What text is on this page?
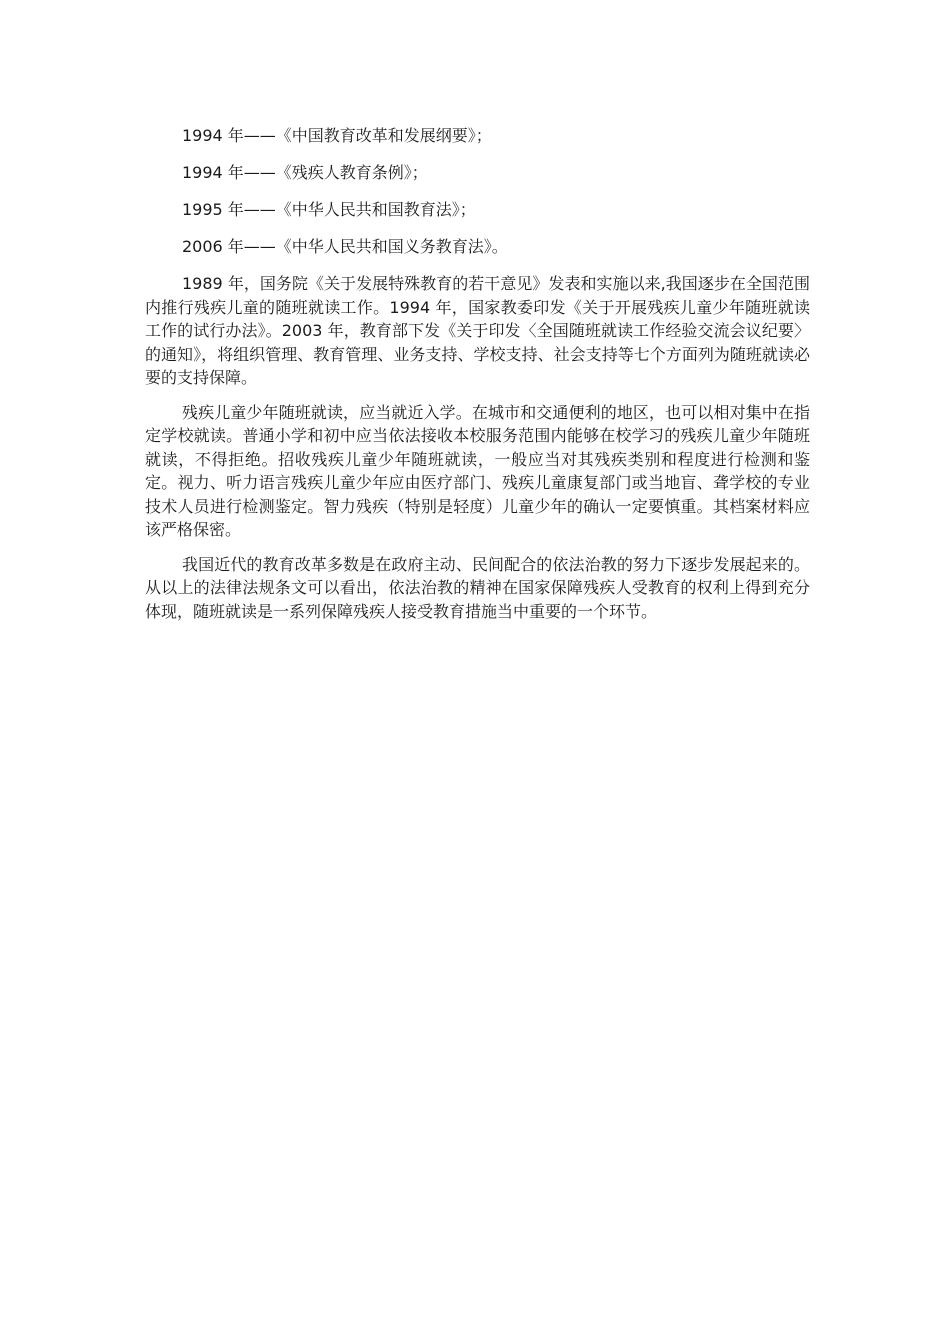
1994 年——《中国教育改革和发展纲要》；

1994 年——《残疾人教育条例》；

1995 年——《中华人民共和国教育法》；

2006 年——《中华人民共和国义务教育法》。

1989 年，国务院《关于发展特殊教育的若干意见》发表和实施以来,我国逐步在全国范围内推行残疾儿童的随班就读工作。1994 年，国家教委印发《关于开展残疾儿童少年随班就读工作的试行办法》。2003 年，教育部下发《关于印发〈全国随班就读工作经验交流会议纪要〉的通知》，将组织管理、教育管理、业务支持、学校支持、社会支持等七个方面列为随班就读必要的支持保障。

残疾儿童少年随班就读，应当就近入学。在城市和交通便利的地区，也可以相对集中在指定学校就读。普通小学和初中应当依法接收本校服务范围内能够在校学习的残疾儿童少年随班就读，不得拒绝。招收残疾儿童少年随班就读，一般应当对其残疾类别和程度进行检测和鉴定。视力、听力语言残疾儿童少年应由医疗部门、残疾儿童康复部门或当地盲、聋学校的专业技术人员进行检测鉴定。智力残疾（特别是轻度）儿童少年的确认一定要慎重。其档案材料应该严格保密。

我国近代的教育改革多数是在政府主动、民间配合的依法治教的努力下逐步发展起来的。从以上的法律法规条文可以看出，依法治教的精神在国家保障残疾人受教育的权利上得到充分体现，随班就读是一系列保障残疾人接受教育措施当中重要的一个环节。
